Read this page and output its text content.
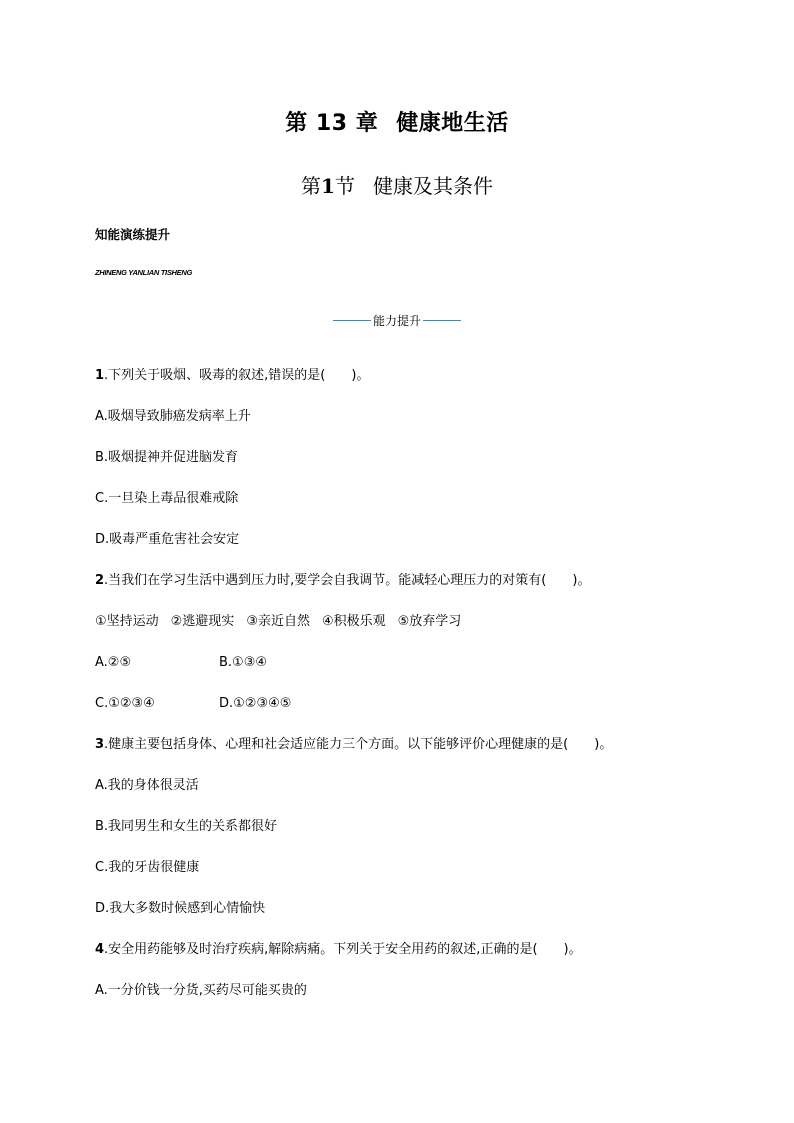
第 13 章 健康地生活
第1节 健康及其条件
知能演练提升
ZHINENG YANLIAN TISHENG
能力提升
1.下列关于吸烟、吸毒的叙述,错误的是( )。
A.吸烟导致肺癌发病率上升
B.吸烟提神并促进脑发育
C.一旦染上毒品很难戒除
D.吸毒严重危害社会安定
2.当我们在学习生活中遇到压力时,要学会自我调节。能减轻心理压力的对策有( )。
①坚持运动 ②逃避现实 ③亲近自然 ④积极乐观 ⑤放弃学习
A.②⑤	B.①③④
C.①②③④	D.①②③④⑤
3.健康主要包括身体、心理和社会适应能力三个方面。以下能够评价心理健康的是( )。
A.我的身体很灵活
B.我同男生和女生的关系都很好
C.我的牙齿很健康
D.我大多数时候感到心情愉快
4.安全用药能够及时治疗疾病,解除病痛。下列关于安全用药的叙述,正确的是( )。
A.一分价钱一分货,买药尽可能买贵的
